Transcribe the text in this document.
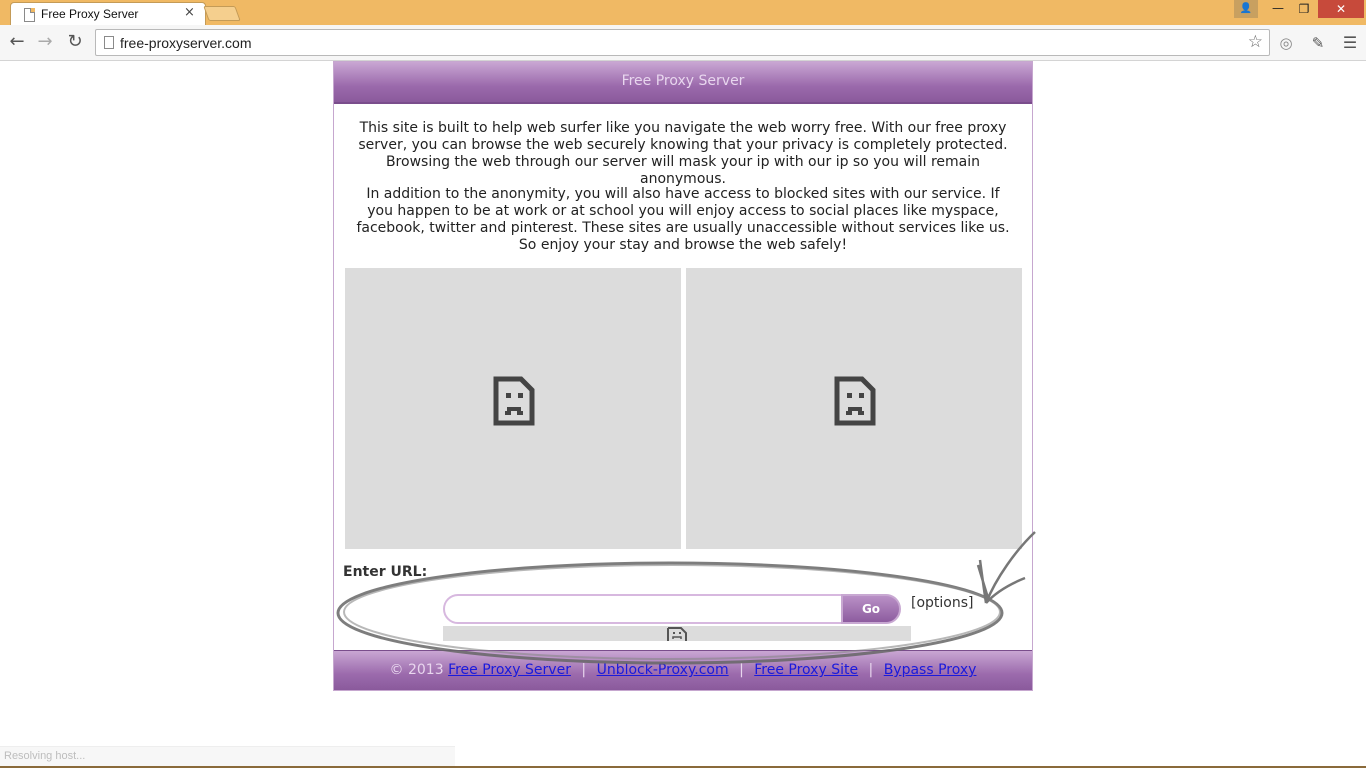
Free Proxy Server	×	👤	—	❐	✕
← → ↻	free-proxyserver.com	☆ ◎ ✎ ☰
Free Proxy Server

This site is built to help web surfer like you navigate the web worry free. With our free proxy server, you can browse the web securely knowing that your privacy is completely protected. Browsing the web through our server will mask your ip with our ip so you will remain anonymous.

In addition to the anonymity, you will also have access to blocked sites with our service. If you happen to be at work or at school you will enjoy access to social places like myspace, facebook, twitter and pinterest. These sites are usually unaccessible without services like us. So enjoy your stay and browse the web safely!

Enter URL:
Go	[options]
© 2013 Free Proxy Server | Unblock-Proxy.com | Free Proxy Site | Bypass Proxy
Resolving host...
